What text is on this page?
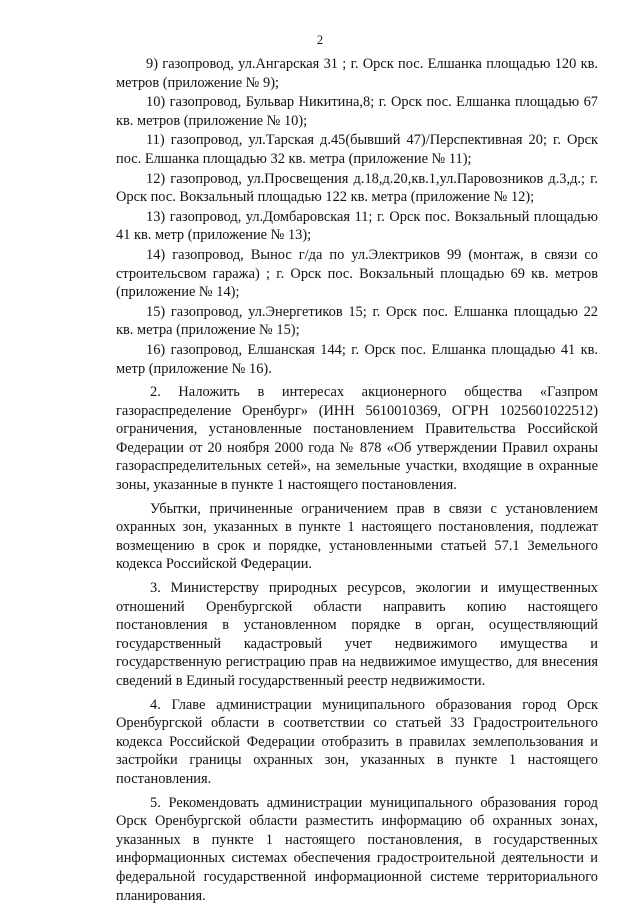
2

9) газопровод, ул.Ангарская 31 ; г. Орск пос. Елшанка площадью 120 кв. метров (приложение № 9);

10) газопровод, Бульвар Никитина,8; г. Орск пос. Елшанка площадью 67 кв. метров (приложение № 10);

11) газопровод, ул.Тарская д.45(бывший 47)/Перспективная 20; г. Орск пос. Елшанка площадью 32 кв. метра (приложение № 11);

12) газопровод, ул.Просвещения д.18,д.20,кв.1,ул.Паровозников д.3,д.; г. Орск пос. Вокзальный площадью 122 кв. метра (приложение № 12);

13) газопровод, ул.Домбаровская 11; г. Орск пос. Вокзальный площадью 41 кв. метр (приложение № 13);

14) газопровод, Вынос г/да по ул.Электриков 99 (монтаж, в связи со строительсвом гаража) ; г. Орск пос. Вокзальный площадью 69 кв. метров (приложение № 14);

15) газопровод, ул.Энергетиков 15; г. Орск пос. Елшанка площадью 22 кв. метра (приложение № 15);

16) газопровод, Елшанская 144; г. Орск пос. Елшанка площадью 41 кв. метр (приложение № 16).

2. Наложить в интересах акционерного общества «Газпром газораспределение Оренбург» (ИНН 5610010369, ОГРН 1025601022512) ограничения, установленные постановлением Правительства Российской Федерации от 20 ноября 2000 года № 878 «Об утверждении Правил охраны газораспределительных сетей», на земельные участки, входящие в охранные зоны, указанные в пункте 1 настоящего постановления.

Убытки, причиненные ограничением прав в связи с установлением охранных зон, указанных в пункте 1 настоящего постановления, подлежат возмещению в срок и порядке, установленными статьей 57.1 Земельного кодекса Российской Федерации.

3. Министерству природных ресурсов, экологии и имущественных отношений Оренбургской области направить копию настоящего постановления в установленном порядке в орган, осуществляющий государственный кадастровый учет недвижимого имущества и государственную регистрацию прав на недвижимое имущество, для внесения сведений в Единый государственный реестр недвижимости.

4. Главе администрации муниципального образования город Орск Оренбургской области в соответствии со статьей 33 Градостроительного кодекса Российской Федерации отобразить в правилах землепользования и застройки границы охранных зон, указанных в пункте 1 настоящего постановления.

5. Рекомендовать администрации муниципального образования город Орск Оренбургской области разместить информацию об охранных зонах, указанных в пункте 1 настоящего постановления, в государственных информационных системах обеспечения градостроительной деятельности и федеральной государственной информационной системе территориального планирования.
